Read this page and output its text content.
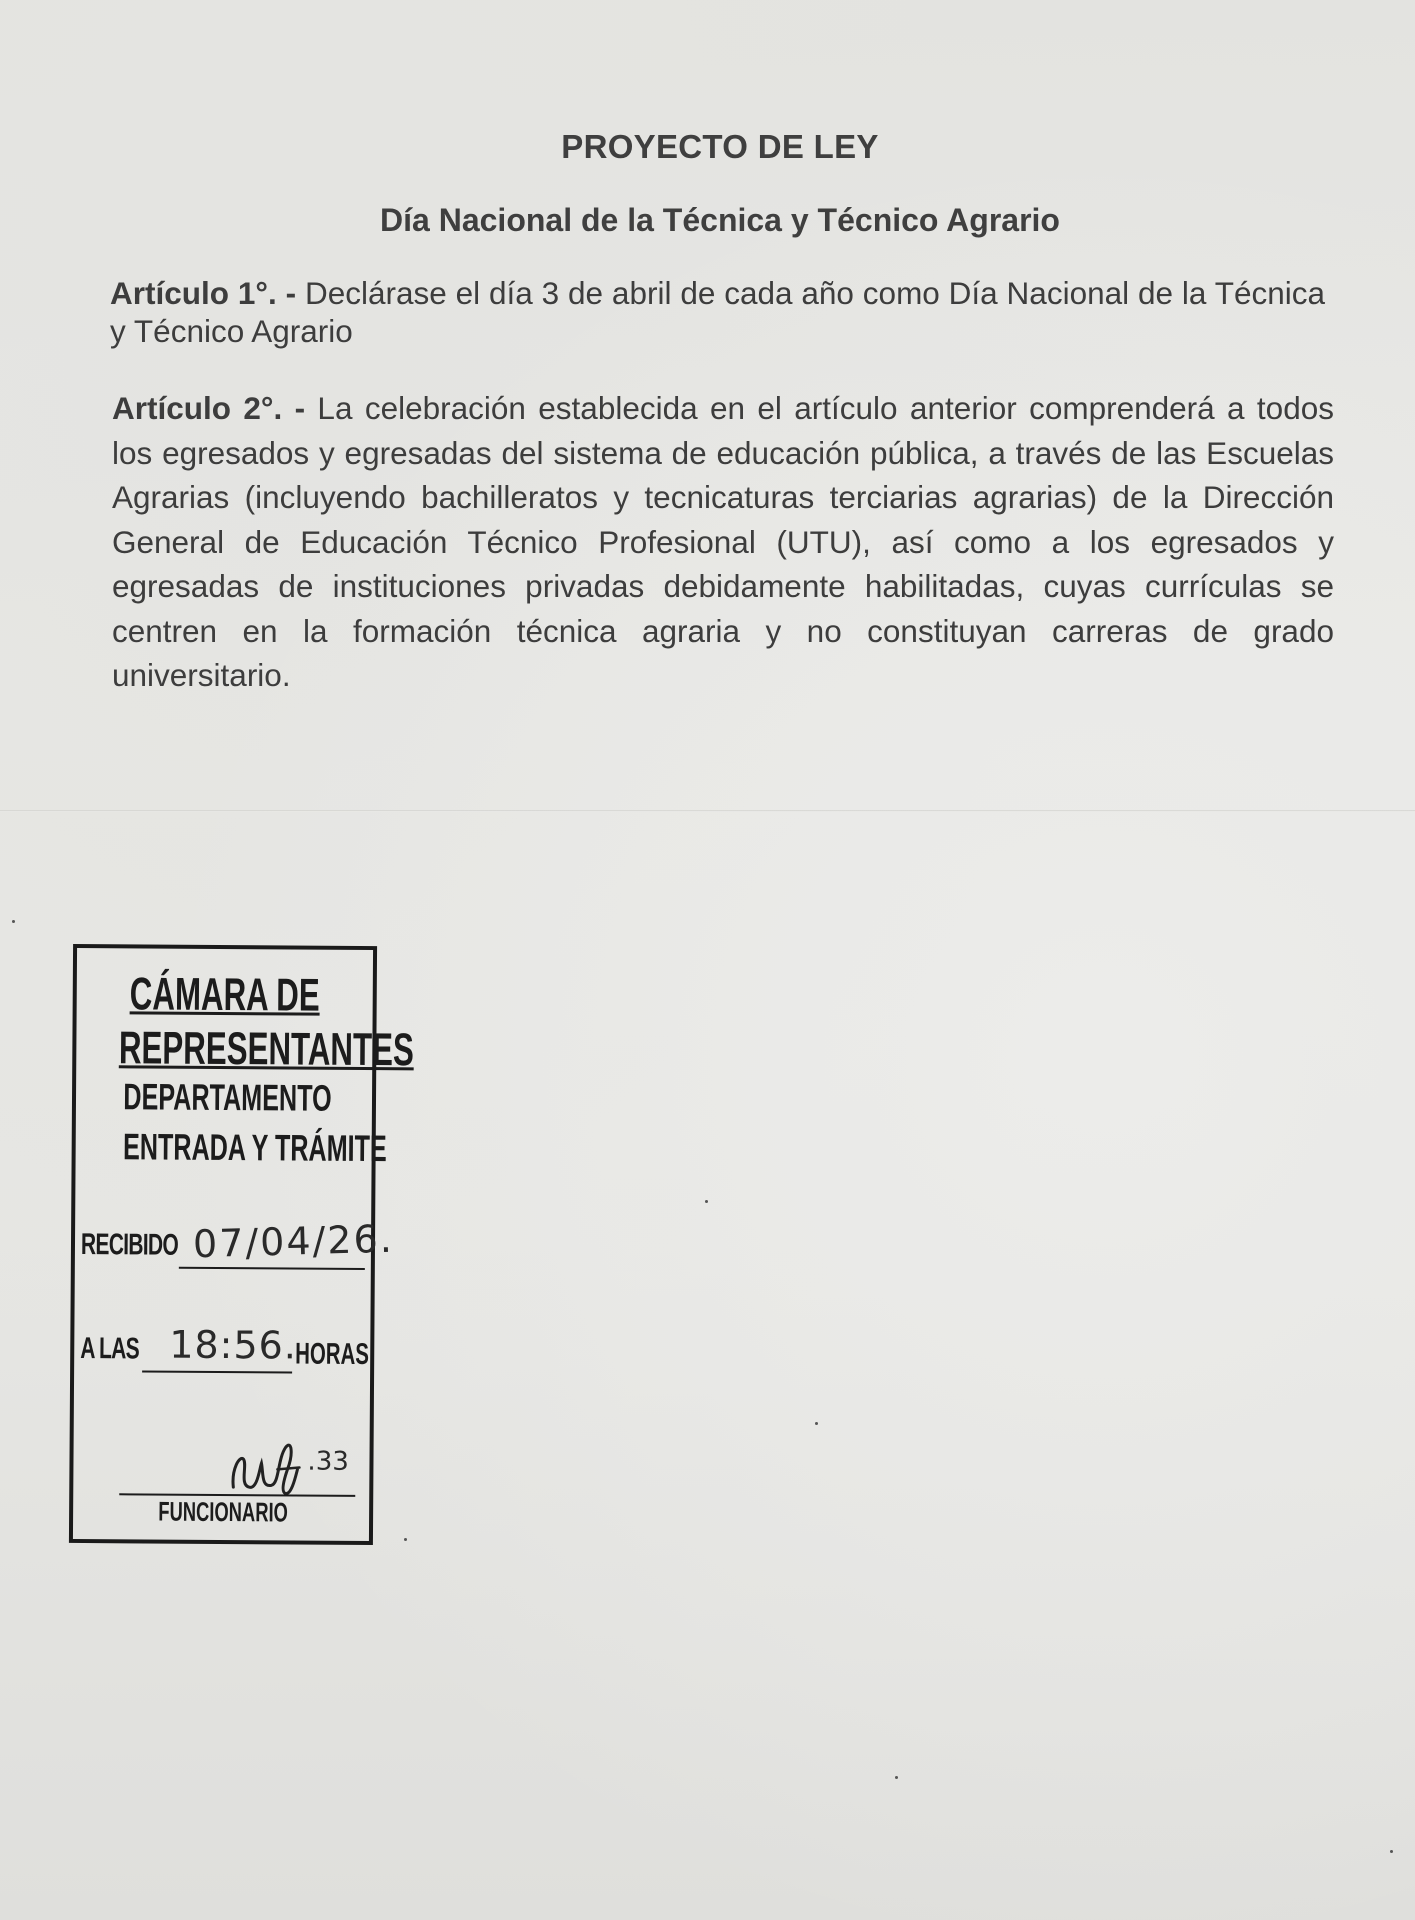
PROYECTO DE LEY
Día Nacional de la Técnica y Técnico Agrario

Artículo 1°. - Declárase el día 3 de abril de cada año como Día Nacional de la Técnica y Técnico Agrario

Artículo 2°. - La celebración establecida en el artículo anterior comprenderá a todos los egresados y egresadas del sistema de educación pública, a través de las Escuelas Agrarias (incluyendo bachilleratos y tecnicaturas terciarias agrarias) de la Dirección General de Educación Técnico Profesional (UTU), así como a los egresados y egresadas de instituciones privadas debidamente habilitadas, cuyas currículas se centren en la formación técnica agraria y no constituyan carreras de grado universitario.

CÁMARA DE

REPRESENTANTES

DEPARTAMENTO

ENTRADA Y TRÁMITE

RECIBIDO 07/04/26.

A LAS 18:56.
HORAS
.33

FUNCIONARIO
